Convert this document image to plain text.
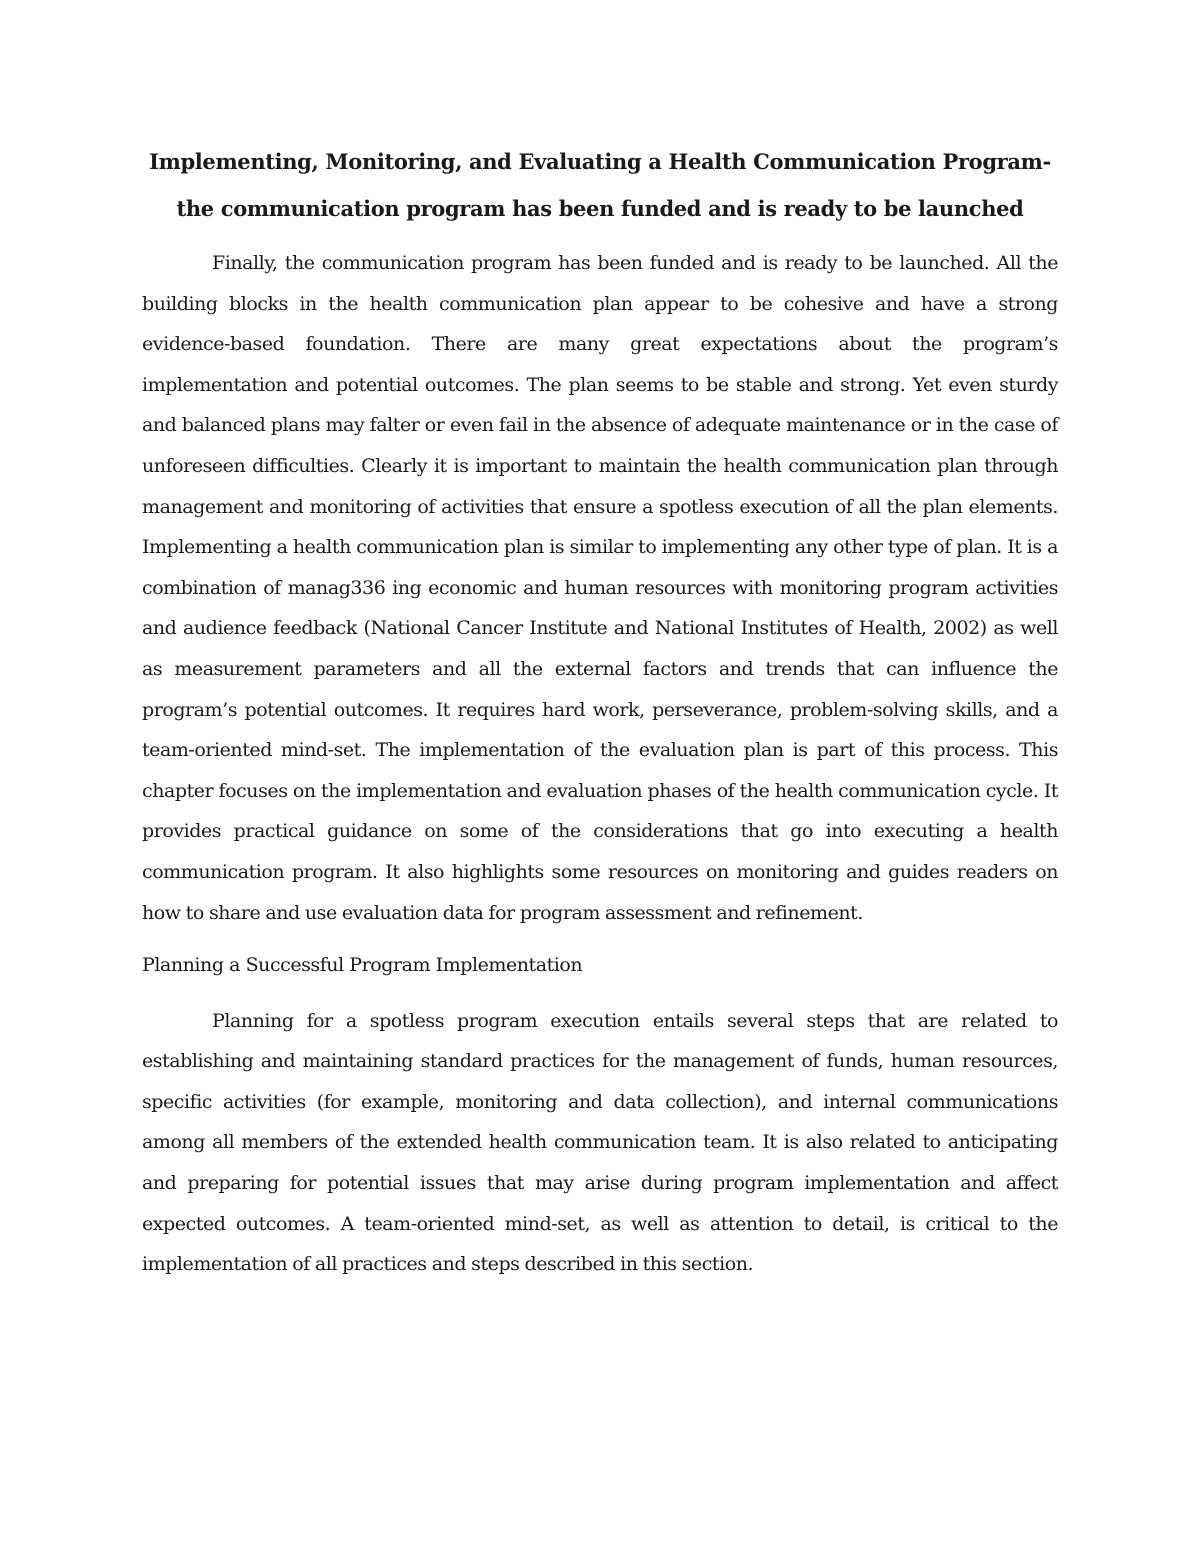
Implementing, Monitoring, and Evaluating a Health Communication Program- the communication program has been funded and is ready to be launched

Finally, the communication program has been funded and is ready to be launched. All the building blocks in the health communication plan appear to be cohesive and have a strong evidence-based foundation. There are many great expectations about the program’s implementation and potential outcomes. The plan seems to be stable and strong. Yet even sturdy and balanced plans may falter or even fail in the absence of adequate maintenance or in the case of unforeseen difficulties. Clearly it is important to maintain the health communication plan through management and monitoring of activities that ensure a spotless execution of all the plan elements. Implementing a health communication plan is similar to implementing any other type of plan. It is a combination of manag336 ing economic and human resources with monitoring program activities and audience feedback (National Cancer Institute and National Institutes of Health, 2002) as well as measurement parameters and all the external factors and trends that can influence the program’s potential outcomes. It requires hard work, perseverance, problem-solving skills, and a team-oriented mind-set. The implementation of the evaluation plan is part of this process. This chapter focuses on the implementation and evaluation phases of the health communication cycle. It provides practical guidance on some of the considerations that go into executing a health communication program. It also highlights some resources on monitoring and guides readers on how to share and use evaluation data for program assessment and refinement.

Planning a Successful Program Implementation

Planning for a spotless program execution entails several steps that are related to establishing and maintaining standard practices for the management of funds, human resources, specific activities (for example, monitoring and data collection), and internal communications among all members of the extended health communication team. It is also related to anticipating and preparing for potential issues that may arise during program implementation and affect expected outcomes. A team-oriented mind-set, as well as attention to detail, is critical to the implementation of all practices and steps described in this section.
